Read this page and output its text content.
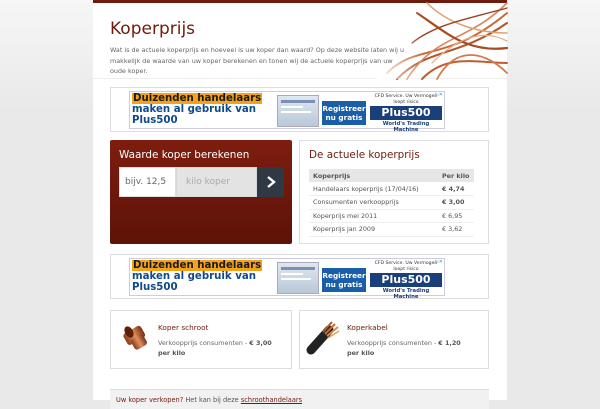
Koperprijs

Wat is de actuele koperprijs en hoeveel is uw koper dan waard? Op deze website laten wij u makkelijk de waarde van uw koper berekenen en tonen wij de actuele koperprijs van uw oude koper.

Duizenden handelaars maken al gebruik van Plus500
Registreer nu gratis
CFD Service. Uw Vermogen loopt risico
Plus500
World's Trading Machine
▷✕
Waarde koper berekenen
bijv. 12,5	kilo koper
De actuele koperprijs
Koperprijs	Per kilo
Handelaars koperprijs (17/04/16)	€ 4,74
Consumenten verkoopprijs	€ 3,00
Koperprijs mei 2011	€ 6,95
Koperprijs jan 2009	€ 3,62
Duizenden handelaars maken al gebruik van Plus500
Registreer nu gratis
CFD Service. Uw Vermogen loopt risico
Plus500
World's Trading Machine
▷✕
Koper schroot
Verkoopprijs consumenten - € 3,00 per kilo
Koperkabel
Verkoopprijs consumenten - € 1,20 per kilo
Uw koper verkopen? Het kan bij deze schroothandelaars
